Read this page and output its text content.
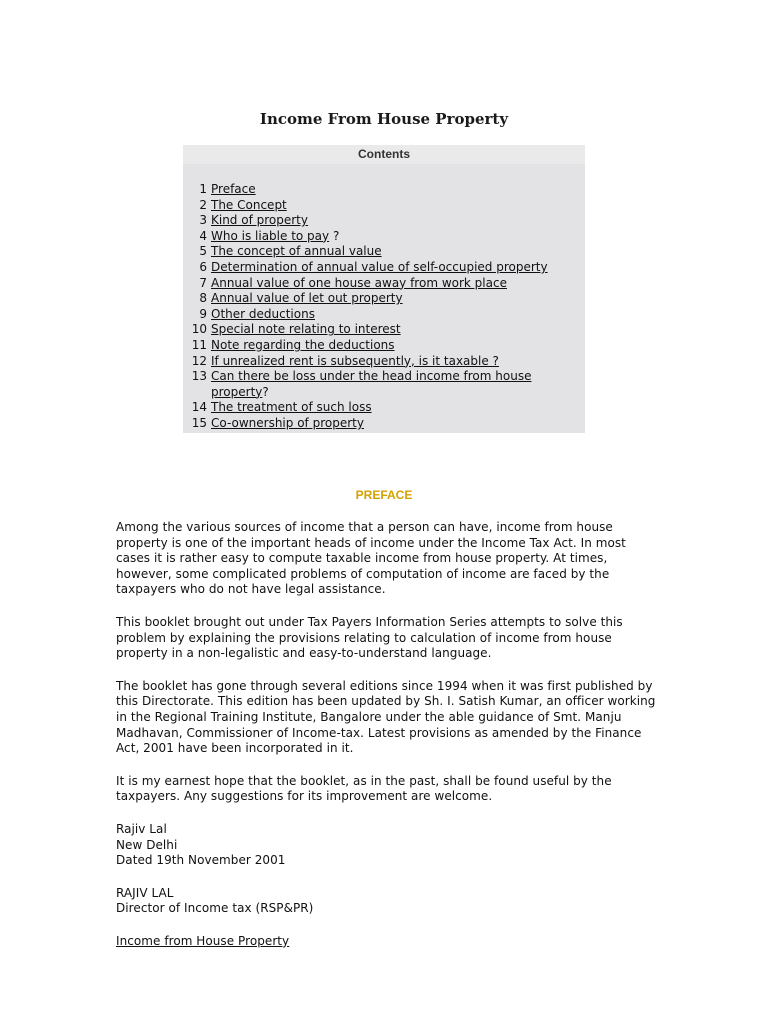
Income From House Property
Contents
1 Preface
2 The Concept
3 Kind of property
4 Who is liable to pay ?
5 The concept of annual value
6 Determination of annual value of self-occupied property
7 Annual value of one house away from work place
8 Annual value of let out property
9 Other deductions
10 Special note relating to interest
11 Note regarding the deductions
12 If unrealized rent is subsequently, is it taxable ?
13 Can there be loss under the head income from house property?
14 The treatment of such loss
15 Co-ownership of property
PREFACE

Among the various sources of income that a person can have, income from house property is one of the important heads of income under the Income Tax Act. In most cases it is rather easy to compute taxable income from house property. At times, however, some complicated problems of computation of income are faced by the taxpayers who do not have legal assistance.

This booklet brought out under Tax Payers Information Series attempts to solve this problem by explaining the provisions relating to calculation of income from house property in a non-legalistic and easy-to-understand language.

The booklet has gone through several editions since 1994 when it was first published by this Directorate. This edition has been updated by Sh. I. Satish Kumar, an officer working in the Regional Training Institute, Bangalore under the able guidance of Smt. Manju Madhavan, Commissioner of Income-tax. Latest provisions as amended by the Finance Act, 2001 have been incorporated in it.

It is my earnest hope that the booklet, as in the past, shall be found useful by the taxpayers. Any suggestions for its improvement are welcome.

Rajiv Lal
New Delhi
Dated 19th November 2001
RAJIV LAL
Director of Income tax (RSP&PR)
Income from House Property
